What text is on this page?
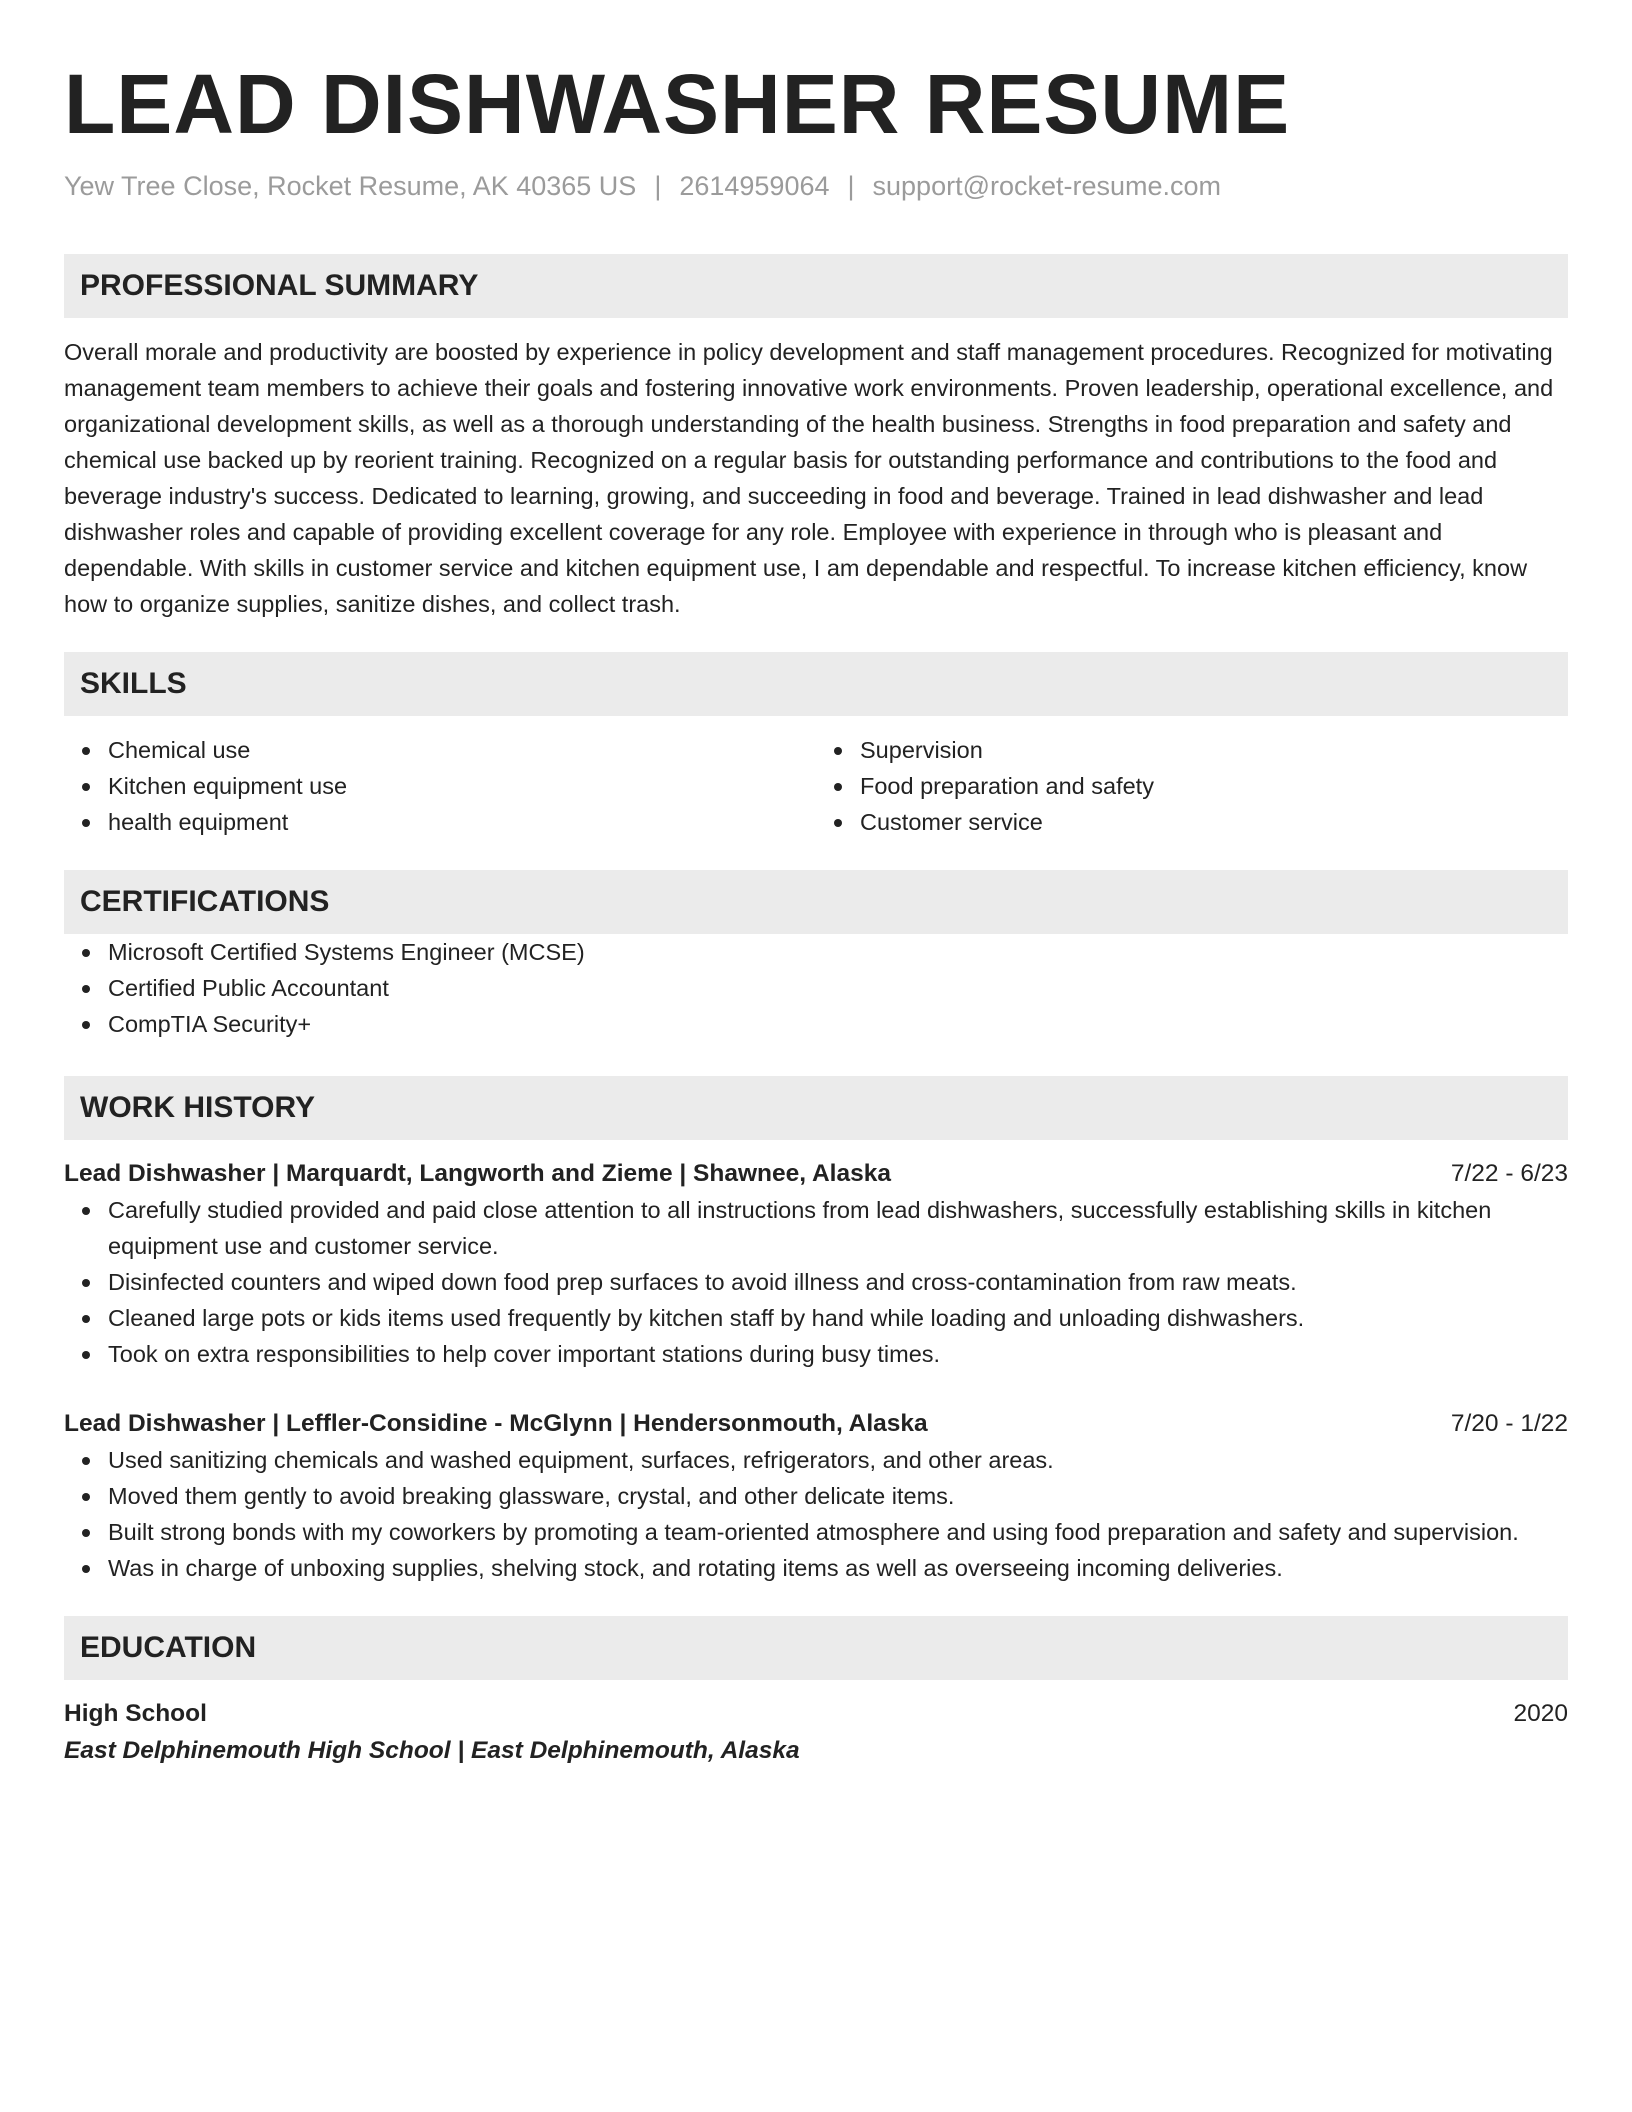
LEAD DISHWASHER RESUME
Yew Tree Close, Rocket Resume, AK 40365 US | 2614959064 | support@rocket-resume.com
PROFESSIONAL SUMMARY
Overall morale and productivity are boosted by experience in policy development and staff management procedures. Recognized for motivating management team members to achieve their goals and fostering innovative work environments. Proven leadership, operational excellence, and organizational development skills, as well as a thorough understanding of the health business. Strengths in food preparation and safety and chemical use backed up by reorient training. Recognized on a regular basis for outstanding performance and contributions to the food and beverage industry's success. Dedicated to learning, growing, and succeeding in food and beverage. Trained in lead dishwasher and lead dishwasher roles and capable of providing excellent coverage for any role. Employee with experience in through who is pleasant and dependable. With skills in customer service and kitchen equipment use, I am dependable and respectful. To increase kitchen efficiency, know how to organize supplies, sanitize dishes, and collect trash.
SKILLS
Chemical use
Kitchen equipment use
health equipment
Supervision
Food preparation and safety
Customer service
CERTIFICATIONS
Microsoft Certified Systems Engineer (MCSE)
Certified Public Accountant
CompTIA Security+
WORK HISTORY
Lead Dishwasher | Marquardt, Langworth and Zieme | Shawnee, Alaska	7/22 - 6/23
Carefully studied provided and paid close attention to all instructions from lead dishwashers, successfully establishing skills in kitchen equipment use and customer service.
Disinfected counters and wiped down food prep surfaces to avoid illness and cross-contamination from raw meats.
Cleaned large pots or kids items used frequently by kitchen staff by hand while loading and unloading dishwashers.
Took on extra responsibilities to help cover important stations during busy times.
Lead Dishwasher | Leffler-Considine - McGlynn | Hendersonmouth, Alaska	7/20 - 1/22
Used sanitizing chemicals and washed equipment, surfaces, refrigerators, and other areas.
Moved them gently to avoid breaking glassware, crystal, and other delicate items.
Built strong bonds with my coworkers by promoting a team-oriented atmosphere and using food preparation and safety and supervision.
Was in charge of unboxing supplies, shelving stock, and rotating items as well as overseeing incoming deliveries.
EDUCATION
High School	2020
East Delphinemouth High School | East Delphinemouth, Alaska
